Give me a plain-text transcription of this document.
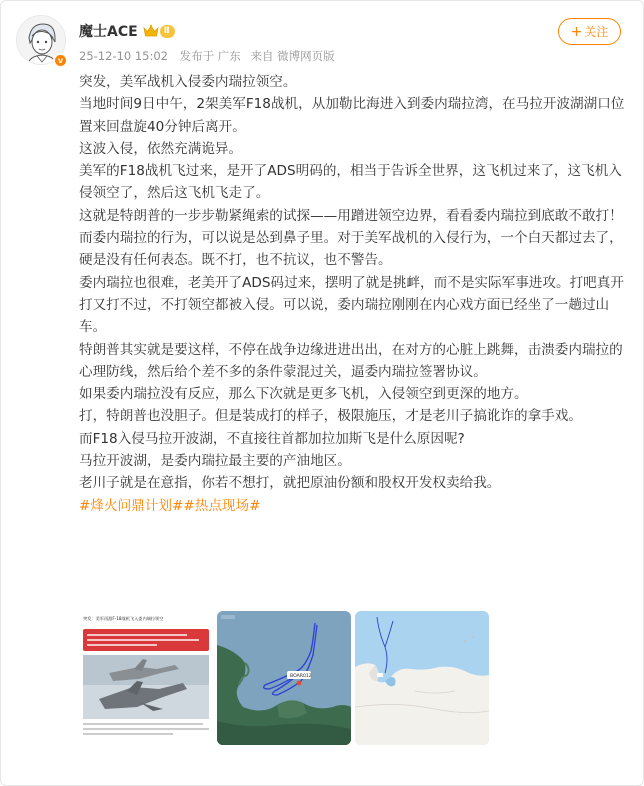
v
魔士ACE	Ⅱ
25-12-10 15:02 发布于 广东 来自 微博网页版
+ 关注

突发，美军战机入侵委内瑞拉领空。

当地时间9日中午，2架美军F18战机，从加勒比海进入到委内瑞拉湾，在马拉开波湖湖口位置来回盘旋40分钟后离开。

这波入侵，依然充满诡异。

美军的F18战机飞过来，是开了ADS明码的，相当于告诉全世界，这飞机过来了，这飞机入侵领空了，然后这飞机飞走了。

这就是特朗普的一步步勒紧绳索的试探——用蹭进领空边界，看看委内瑞拉到底敢不敢打！

而委内瑞拉的行为，可以说是怂到鼻子里。对于美军战机的入侵行为，一个白天都过去了，硬是没有任何表态。既不打，也不抗议，也不警告。

委内瑞拉也很难，老美开了ADS码过来，摆明了就是挑衅，而不是实际军事进攻。打吧真开打又打不过，不打领空都被入侵。可以说，委内瑞拉刚刚在内心戏方面已经坐了一趟过山车。

特朗普其实就是要这样，不停在战争边缘进进出出，在对方的心脏上跳舞，击溃委内瑞拉的心理防线，然后给个差不多的条件蒙混过关，逼委内瑞拉签署协议。

如果委内瑞拉没有反应，那么下次就是更多飞机，入侵领空到更深的地方。

打，特朗普也没胆子。但是装成打的样子，极限施压，才是老川子搞讹诈的拿手戏。

而F18入侵马拉开波湖，不直接往首都加拉加斯飞是什么原因呢?

马拉开波湖，是委内瑞拉最主要的产油地区。

老川子就是在意指，你若不想打，就把原油份额和股权开发权卖给我。

#烽火问鼎计划##热点现场#

突发：美军再派F-18战机飞入委内瑞拉领空
BOAR012
